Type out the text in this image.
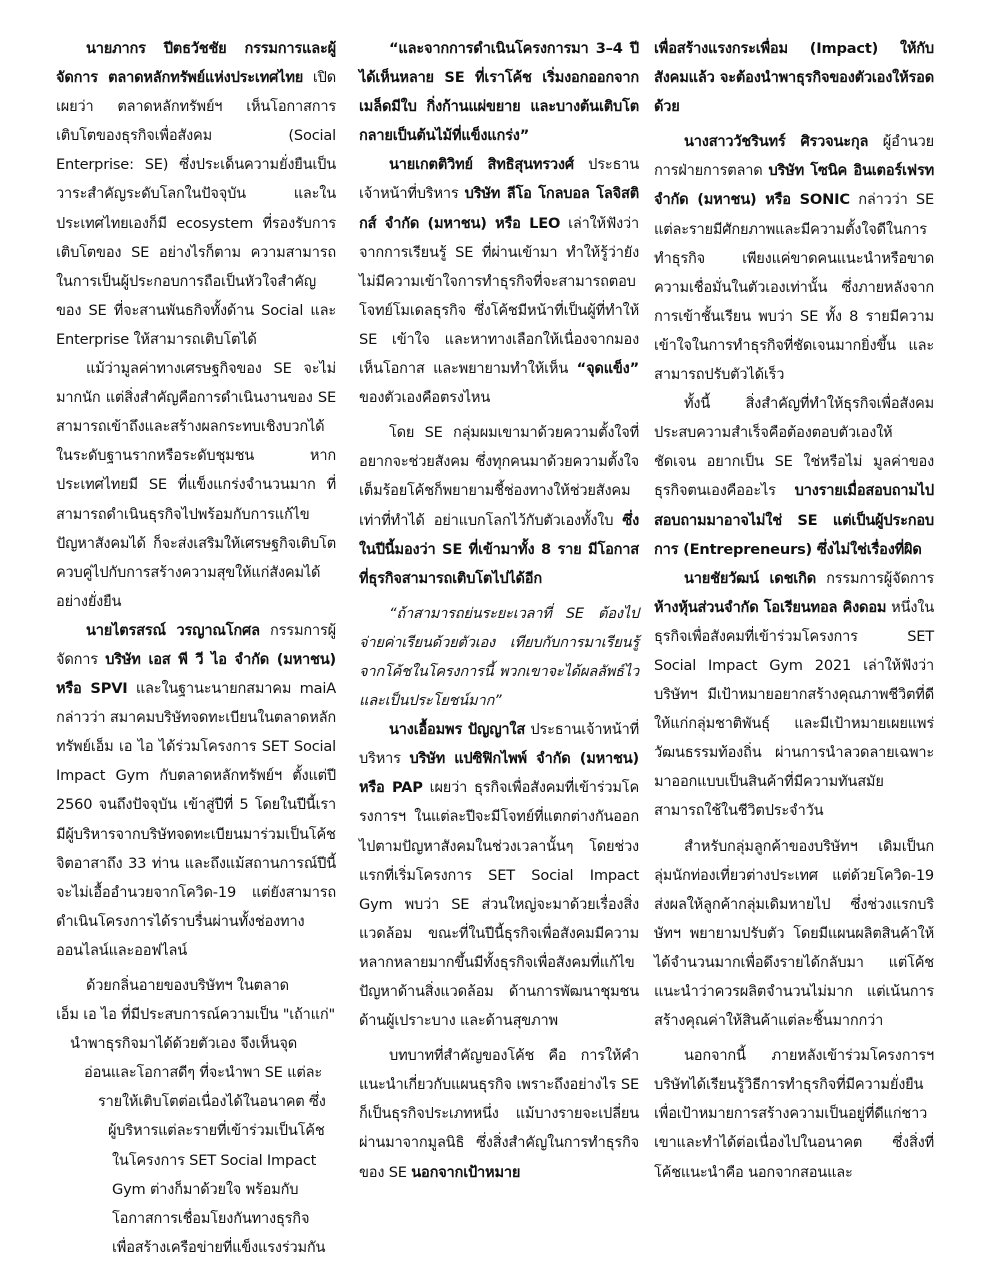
นายภากร ปีตธวัชชัย กรรมการและผู้จัดการ ตลาดหลักทรัพย์แห่งประเทศไทย เปิดเผยว่า ตลาดหลักทรัพย์ฯ เห็นโอกาสการเติบโตของธุรกิจเพื่อสังคม (Social Enterprise: SE) ซึ่งประเด็นความยั่งยืนเป็นวาระสำคัญระดับโลกในปัจจุบัน และในประเทศไทยเองก็มี ecosystem ที่รองรับการเติบโตของ SE อย่างไรก็ตาม ความสามารถในการเป็นผู้ประกอบการถือเป็นหัวใจสำคัญของ SE ที่จะสานพันธกิจทั้งด้าน Social และ Enterprise ให้สามารถเติบโตได้

แม้ว่ามูลค่าทางเศรษฐกิจของ SE จะไม่มากนัก แต่สิ่งสำคัญคือการดำเนินงานของ SE สามารถเข้าถึงและสร้างผลกระทบเชิงบวกได้ในระดับฐานรากหรือระดับชุมชน หากประเทศไทยมี SE ที่แข็งแกร่งจำนวนมาก ที่สามารถดำเนินธุรกิจไปพร้อมกับการแก้ไขปัญหาสังคมได้ ก็จะส่งเสริมให้เศรษฐกิจเติบโต ควบคู่ไปกับการสร้างความสุขให้แก่สังคมได้อย่างยั่งยืน

นายไตรสรณ์ วรญาณโกศล กรรมการผู้จัดการ บริษัท เอส พี วี ไอ จำกัด (มหาชน) หรือ SPVI และในฐานะนายกสมาคม maiA กล่าวว่า สมาคมบริษัทจดทะเบียนในตลาดหลักทรัพย์เอ็ม เอ ไอ ได้ร่วมโครงการ SET Social Impact Gym กับตลาดหลักทรัพย์ฯ ตั้งแต่ปี 2560 จนถึงปัจจุบัน เข้าสู่ปีที่ 5 โดยในปีนี้เรามีผู้บริหารจากบริษัทจดทะเบียนมาร่วมเป็นโค้ชจิตอาสาถึง 33 ท่าน และถึงแม้สถานการณ์ปีนี้จะไม่เอื้ออำนวยจากโควิด-19 แต่ยังสามารถดำเนินโครงการได้ราบรื่นผ่านทั้งช่องทางออนไลน์และออฟไลน์

ด้วยกลิ่นอายของบริษัทฯ ในตลาด
เอ็ม เอ ไอ ที่มีประสบการณ์ความเป็น "เถ้าแก่"
นำพาธุรกิจมาได้ด้วยตัวเอง จึงเห็นจุด
อ่อนและโอกาสดีๆ ที่จะนำพา SE แต่ละ
รายให้เติบโตต่อเนื่องได้ในอนาคต ซึ่ง
ผู้บริหารแต่ละรายที่เข้าร่วมเป็นโค้ช
ในโครงการ SET Social Impact
Gym ต่างก็มาด้วยใจ พร้อมกับ
โอกาสการเชื่อมโยงกันทางธุรกิจ
เพื่อสร้างเครือข่ายที่แข็งแรงร่วมกัน

“และจากการดำเนินโครงการมา 3–4 ปี ได้เห็นหลาย SE ที่เราโค้ช เริ่มงอกออกจากเมล็ดมีใบ กิ่งก้านแผ่ขยาย และบางต้นเติบโตกลายเป็นต้นไม้ที่แข็งแกร่ง”

นายเกตติวิทย์ สิทธิสุนทรวงศ์ ประธานเจ้าหน้าที่บริหาร บริษัท ลีโอ โกลบอล โลจิสติกส์ จำกัด (มหาชน) หรือ LEO เล่าให้ฟังว่า จากการเรียนรู้ SE ที่ผ่านเข้ามา ทำให้รู้ว่ายังไม่มีความเข้าใจการทำธุรกิจที่จะสามารถตอบโจทย์โมเดลธุรกิจ ซึ่งโค้ชมีหน้าที่เป็นผู้ที่ทำให้ SE เข้าใจ และหาทางเลือกให้เนื่องจากมองเห็นโอกาส และพยายามทำให้เห็น “จุดแข็ง” ของตัวเองคือตรงไหน

โดย SE กลุ่มผมเขามาด้วยความตั้งใจที่อยากจะช่วยสังคม ซึ่งทุกคนมาด้วยความตั้งใจเต็มร้อยโค้ชก็พยายามชี้ช่องทางให้ช่วยสังคมเท่าที่ทำได้ อย่าแบกโลกไว้กับตัวเองทั้งใบ ซึ่งในปีนี้มองว่า SE ที่เข้ามาทั้ง 8 ราย มีโอกาสที่ธุรกิจสามารถเติบโตไปได้อีก

“ถ้าสามารถย่นระยะเวลาที่ SE ต้องไปจ่ายค่าเรียนด้วยตัวเอง เทียบกับการมาเรียนรู้จากโค้ชในโครงการนี้ พวกเขาจะได้ผลลัพธ์ไวและเป็นประโยชน์มาก”

นางเอื้อมพร ปัญญาใส ประธานเจ้าหน้าที่บริหาร บริษัท แปซิฟิกไพพ์ จำกัด (มหาชน) หรือ PAP เผยว่า ธุรกิจเพื่อสังคมที่เข้าร่วมโครงการฯ ในแต่ละปีจะมีโจทย์ที่แตกต่างกันออกไปตามปัญหาสังคมในช่วงเวลานั้นๆ โดยช่วงแรกที่เริ่มโครงการ SET Social Impact Gym พบว่า SE ส่วนใหญ่จะมาด้วยเรื่องสิ่งแวดล้อม ขณะที่ในปีนี้ธุรกิจเพื่อสังคมมีความหลากหลายมากขึ้นมีทั้งธุรกิจเพื่อสังคมที่แก้ไขปัญหาด้านสิ่งแวดล้อม ด้านการพัฒนาชุมชน ด้านผู้เปราะบาง และด้านสุขภาพ

บทบาทที่สำคัญของโค้ช คือ การให้คำแนะนำเกี่ยวกับแผนธุรกิจ เพราะถึงอย่างไร SE ก็เป็นธุรกิจประเภทหนึ่ง แม้บางรายจะเปลี่ยนผ่านมาจากมูลนิธิ ซึ่งสิ่งสำคัญในการทำธุรกิจของ SE นอกจากเป้าหมาย

เพื่อสร้างแรงกระเพื่อม (Impact) ให้กับสังคมแล้ว จะต้องนำพาธุรกิจของตัวเองให้รอดด้วย

นางสาววัชรินทร์ ศิรวจนะกุล ผู้อำนวยการฝ่ายการตลาด บริษัท โซนิค อินเตอร์เฟรท จำกัด (มหาชน) หรือ SONIC กล่าวว่า SE แต่ละรายมีศักยภาพและมีความตั้งใจดีในการทำธุรกิจ เพียงแค่ขาดคนแนะนำหรือขาดความเชื่อมั่นในตัวเองเท่านั้น ซึ่งภายหลังจากการเข้าชั้นเรียน พบว่า SE ทั้ง 8 รายมีความเข้าใจในการทำธุรกิจที่ชัดเจนมากยิ่งขึ้น และสามารถปรับตัวได้เร็ว

ทั้งนี้ สิ่งสำคัญที่ทำให้ธุรกิจเพื่อสังคมประสบความสำเร็จคือต้องตอบตัวเองให้ชัดเจน อยากเป็น SE ใช่หรือไม่ มูลค่าของธุรกิจตนเองคืออะไร บางรายเมื่อสอบถามไปสอบถามมาอาจไม่ใช่ SE แต่เป็นผู้ประกอบการ (Entrepreneurs) ซึ่งไม่ใช่เรื่องที่ผิด

นายชัยวัฒน์ เดชเกิด กรรมการผู้จัดการ ห้างหุ้นส่วนจำกัด โอเรียนทอล คิงดอม หนึ่งในธุรกิจเพื่อสังคมที่เข้าร่วมโครงการ SET Social Impact Gym 2021 เล่าให้ฟังว่า บริษัทฯ มีเป้าหมายอยากสร้างคุณภาพชีวิตที่ดีให้แก่กลุ่มชาติพันธุ์ และมีเป้าหมายเผยแพร่วัฒนธรรมท้องถิ่น ผ่านการนำลวดลายเฉพาะมาออกแบบเป็นสินค้าที่มีความทันสมัย สามารถใช้ในชีวิตประจำวัน

สำหรับกลุ่มลูกค้าของบริษัทฯ เดิมเป็นกลุ่มนักท่องเที่ยวต่างประเทศ แต่ด้วยโควิด-19 ส่งผลให้ลูกค้ากลุ่มเดิมหายไป ซึ่งช่วงแรกบริษัทฯ พยายามปรับตัว โดยมีแผนผลิตสินค้าให้ได้จำนวนมากเพื่อดึงรายได้กลับมา แต่โค้ชแนะนำว่าควรผลิตจำนวนไม่มาก แต่เน้นการสร้างคุณค่าให้สินค้าแต่ละชิ้นมากกว่า

นอกจากนี้ ภายหลังเข้าร่วมโครงการฯ บริษัทได้เรียนรู้วิธีการทำธุรกิจที่มีความยั่งยืนเพื่อเป้าหมายการสร้างความเป็นอยู่ที่ดีแก่ชาวเขาและทำได้ต่อเนื่องไปในอนาคต ซึ่งสิ่งที่โค้ชแนะนำคือ นอกจากสอนและ
